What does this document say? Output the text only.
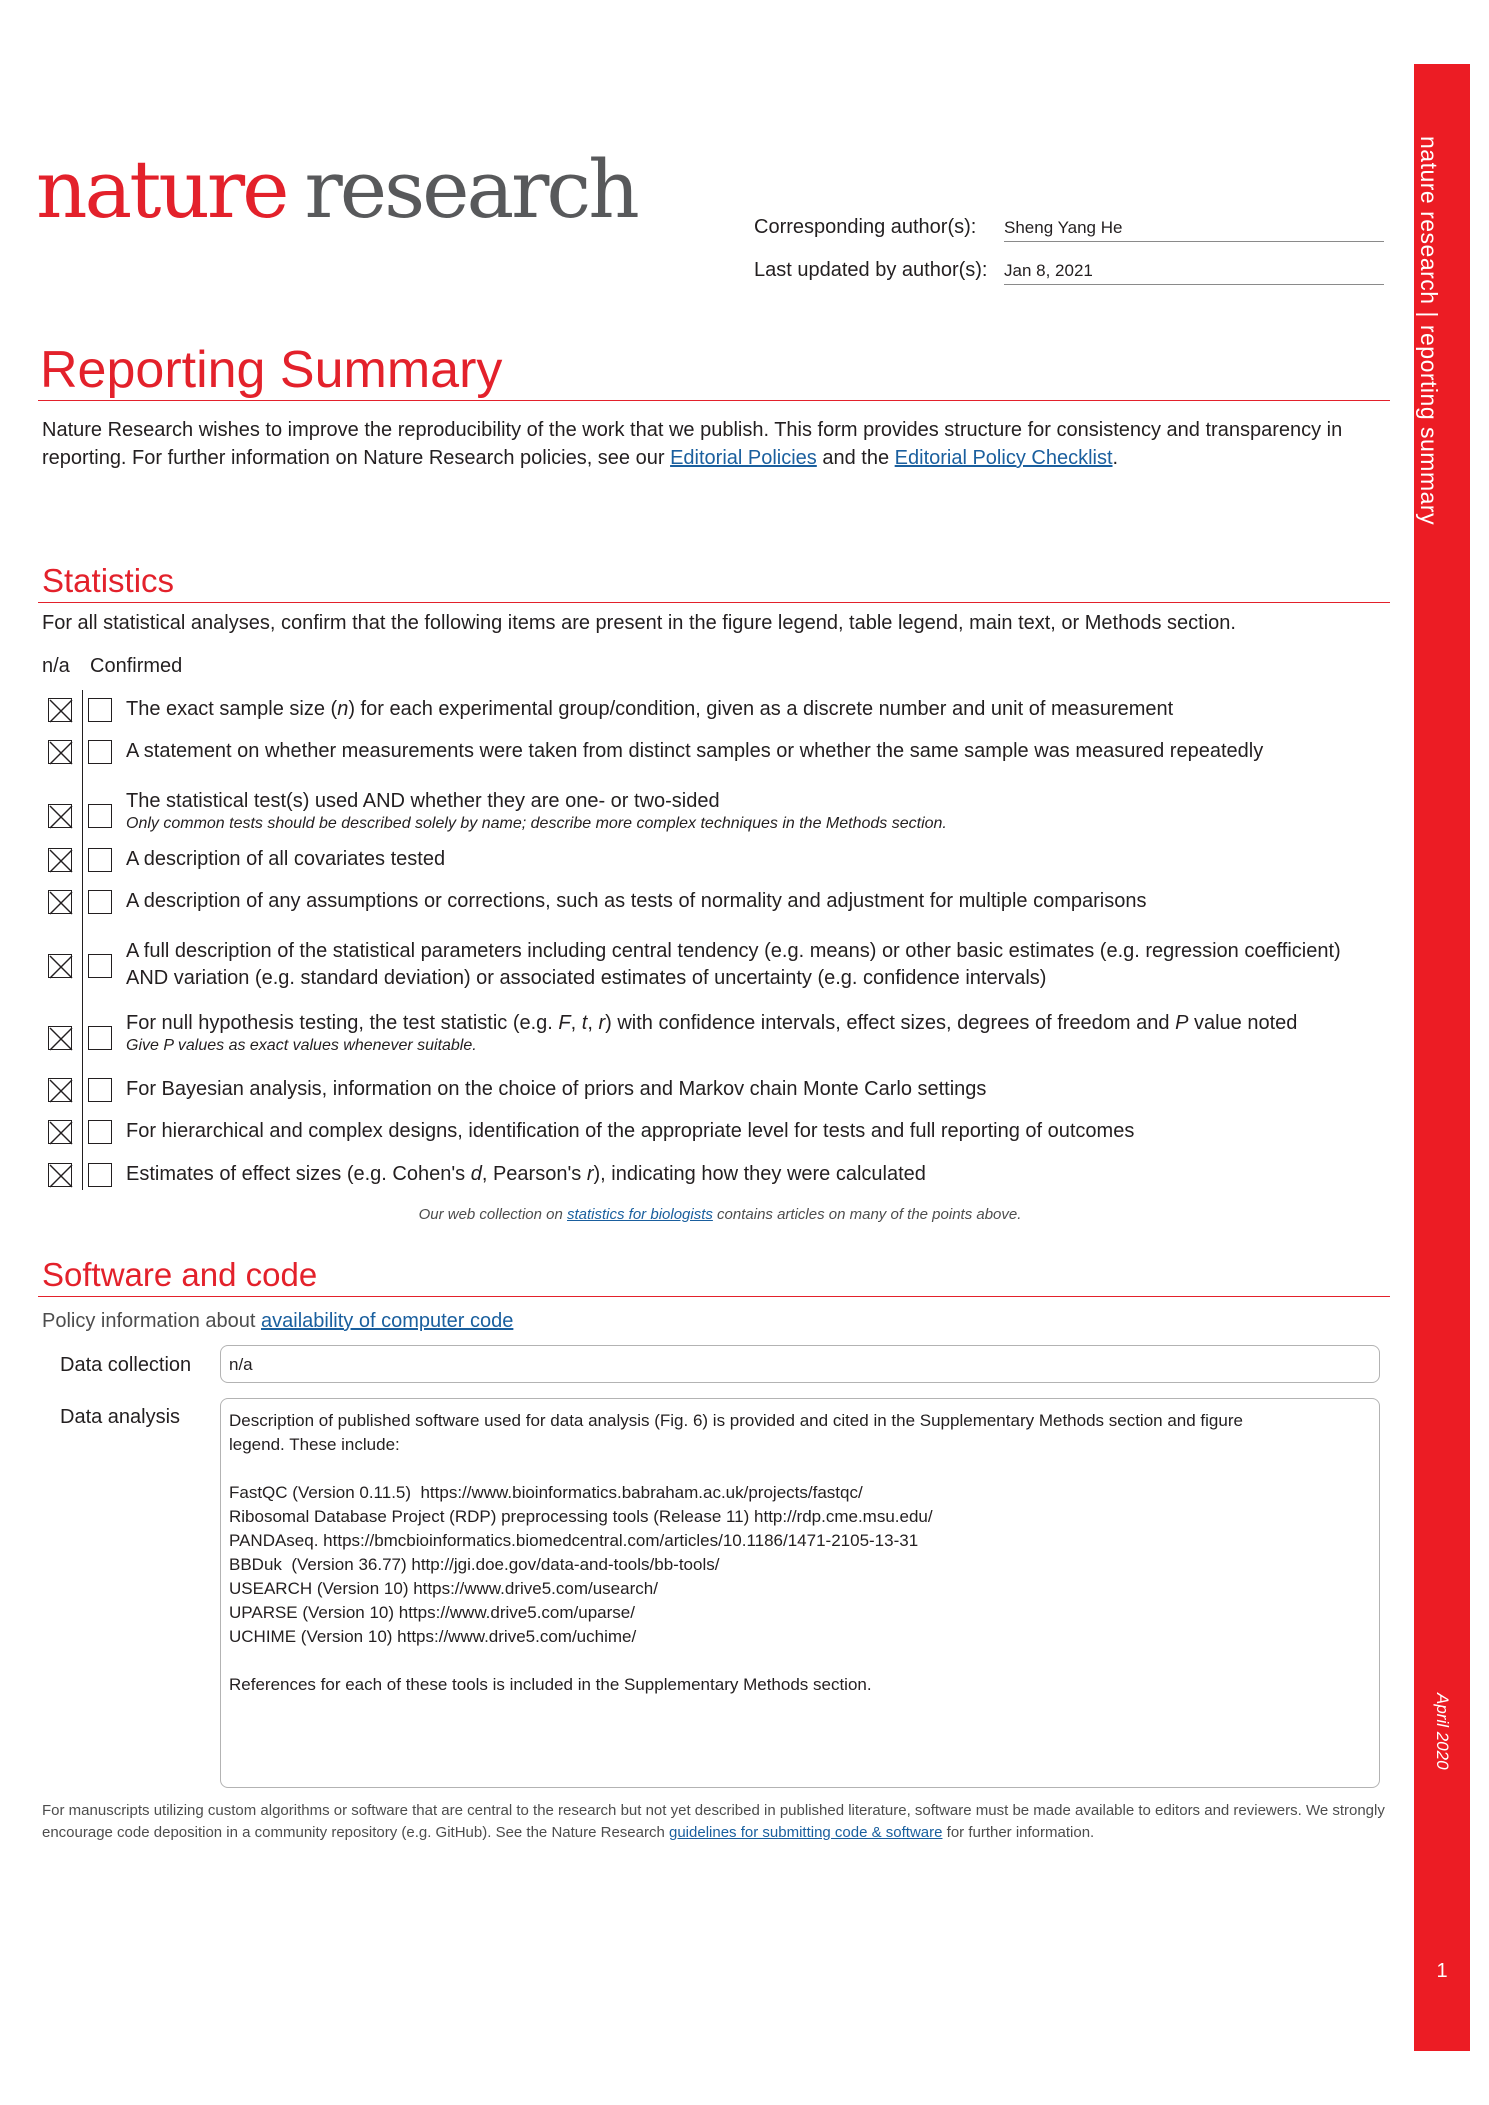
nature research | reporting summary
April 2020
1
nature research	Corresponding author(s): Sheng Yang He
Last updated by author(s): Jan 8, 2021
Reporting Summary
Nature Research wishes to improve the reproducibility of the work that we publish. This form provides structure for consistency and transparency in reporting. For further information on Nature Research policies, see our Editorial Policies and the Editorial Policy Checklist.
Statistics
For all statistical analyses, confirm that the following items are present in the figure legend, table legend, main text, or Methods section.
n/a Confirmed
The exact sample size (n) for each experimental group/condition, given as a discrete number and unit of measurement
A statement on whether measurements were taken from distinct samples or whether the same sample was measured repeatedly
The statistical test(s) used AND whether they are one- or two-sided
Only common tests should be described solely by name; describe more complex techniques in the Methods section.
A description of all covariates tested
A description of any assumptions or corrections, such as tests of normality and adjustment for multiple comparisons
A full description of the statistical parameters including central tendency (e.g. means) or other basic estimates (e.g. regression coefficient) AND variation (e.g. standard deviation) or associated estimates of uncertainty (e.g. confidence intervals)
For null hypothesis testing, the test statistic (e.g. F, t, r) with confidence intervals, effect sizes, degrees of freedom and P value noted
Give P values as exact values whenever suitable.
For Bayesian analysis, information on the choice of priors and Markov chain Monte Carlo settings
For hierarchical and complex designs, identification of the appropriate level for tests and full reporting of outcomes
Estimates of effect sizes (e.g. Cohen's d, Pearson's r), indicating how they were calculated
Our web collection on statistics for biologists contains articles on many of the points above.
Software and code
Policy information about availability of computer code
Data collection	n/a
Data analysis	Description of published software used for data analysis (Fig. 6) is provided and cited in the Supplementary Methods section and figure
legend. These include:
FastQC (Version 0.11.5)  https://www.bioinformatics.babraham.ac.uk/projects/fastqc/
Ribosomal Database Project (RDP) preprocessing tools (Release 11) http://rdp.cme.msu.edu/
PANDAseq. https://bmcbioinformatics.biomedcentral.com/articles/10.1186/1471-2105-13-31
BBDuk  (Version 36.77) http://jgi.doe.gov/data-and-tools/bb-tools/
USEARCH (Version 10) https://www.drive5.com/usearch/
UPARSE (Version 10) https://www.drive5.com/uparse/
UCHIME (Version 10) https://www.drive5.com/uchime/
References for each of these tools is included in the Supplementary Methods section.
For manuscripts utilizing custom algorithms or software that are central to the research but not yet described in published literature, software must be made available to editors and reviewers. We strongly encourage code deposition in a community repository (e.g. GitHub). See the Nature Research guidelines for submitting code & software for further information.
